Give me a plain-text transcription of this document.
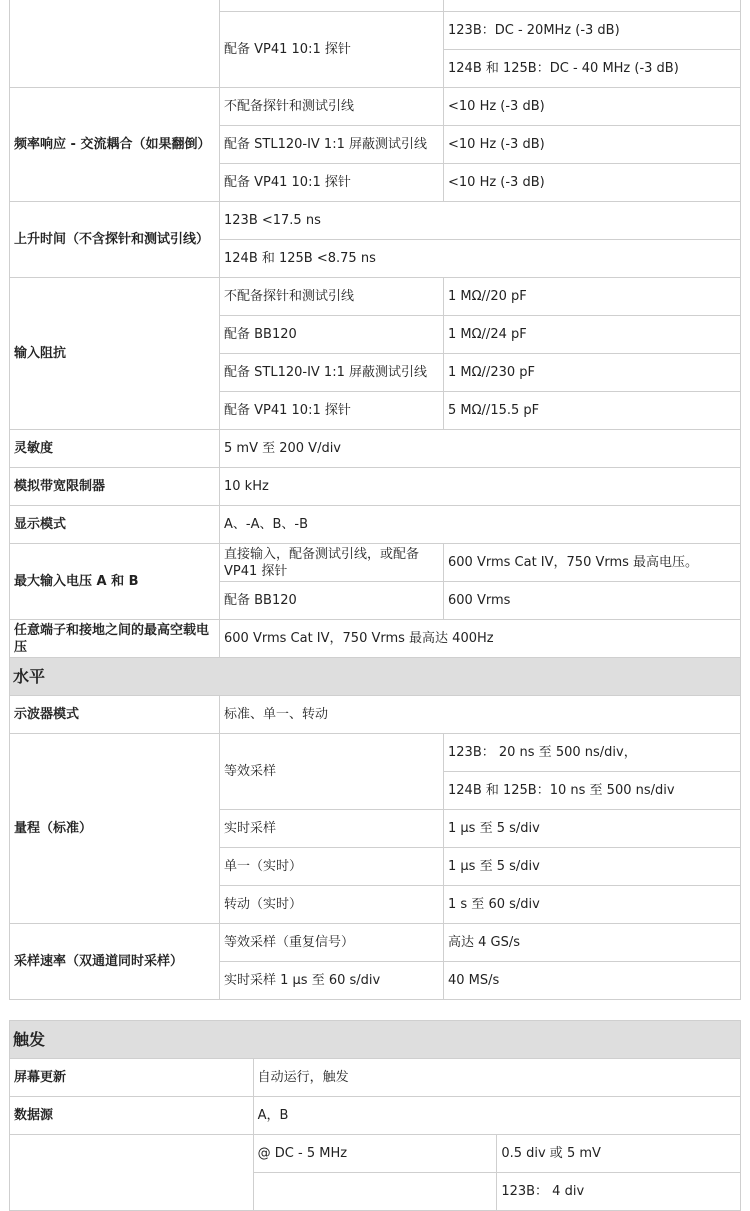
	配备 VP41 10:1 探针	123B：DC - 20MHz (-3 dB)
		124B 和 125B：DC - 40 MHz (-3 dB)
频率响应 - 交流耦合（如果翻倒）	不配备探针和测试引线	<10 Hz (-3 dB)
	配备 STL120-IV 1:1 屏蔽测试引线	<10 Hz (-3 dB)
	配备 VP41 10:1 探针	<10 Hz (-3 dB)
上升时间（不含探针和测试引线）	123B <17.5 ns	
	124B 和 125B <8.75 ns	
输入阻抗	不配备探针和测试引线	1 MΩ//20 pF
	配备 BB120	1 MΩ//24 pF
	配备 STL120-IV 1:1 屏蔽测试引线	1 MΩ//230 pF
	配备 VP41 10:1 探针	5 MΩ//15.5 pF
灵敏度	5 mV 至 200 V/div	
模拟带宽限制器	10 kHz	
显示模式	A、-A、B、-B	
最大输入电压 A 和 B	直接输入，配备测试引线，或配备 VP41 探针	600 Vrms Cat IV，750 Vrms 最高电压。
	配备 BB120	600 Vrms
任意端子和接地之间的最高空载电压	600 Vrms Cat IV，750 Vrms 最高达 400Hz	
水平		
示波器模式	标准、单一、转动	
量程（标准）	等效采样	123B： 20 ns 至 500 ns/div，
		124B 和 125B：10 ns 至 500 ns/div
	实时采样	1 µs 至 5 s/div
	单一（实时）	1 µs 至 5 s/div
	转动（实时）	1 s 至 60 s/div
采样速率（双通道同时采样）	等效采样（重复信号）	高达 4 GS/s
	实时采样 1 µs 至 60 s/div	40 MS/s
触发		
屏幕更新	自动运行，触发	
数据源	A，B	
	@ DC - 5 MHz	0.5 div 或 5 mV
		123B： 4 div
